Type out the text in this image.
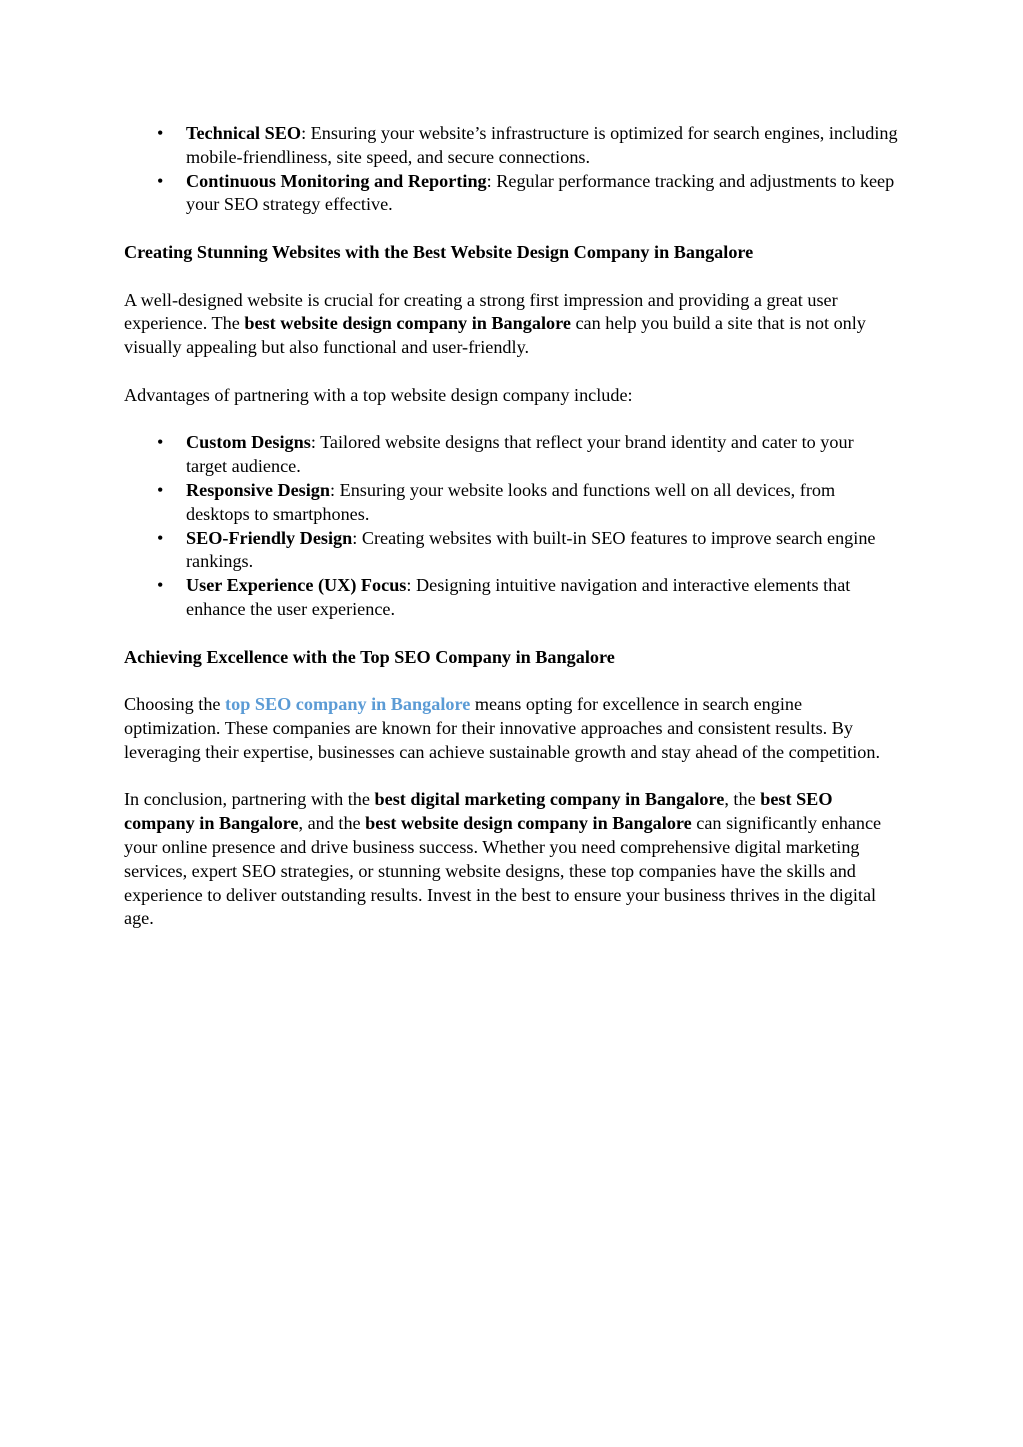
• Technical SEO: Ensuring your website’s infrastructure is optimized for search engines, including mobile-friendliness, site speed, and secure connections.
• Continuous Monitoring and Reporting: Regular performance tracking and adjustments to keep your SEO strategy effective.

Creating Stunning Websites with the Best Website Design Company in Bangalore

A well-designed website is crucial for creating a strong first impression and providing a great user experience. The best website design company in Bangalore can help you build a site that is not only visually appealing but also functional and user-friendly.

Advantages of partnering with a top website design company include:

• Custom Designs: Tailored website designs that reflect your brand identity and cater to your target audience.
• Responsive Design: Ensuring your website looks and functions well on all devices, from desktops to smartphones.
• SEO-Friendly Design: Creating websites with built-in SEO features to improve search engine rankings.
• User Experience (UX) Focus: Designing intuitive navigation and interactive elements that enhance the user experience.

Achieving Excellence with the Top SEO Company in Bangalore

Choosing the top SEO company in Bangalore means opting for excellence in search engine optimization. These companies are known for their innovative approaches and consistent results. By leveraging their expertise, businesses can achieve sustainable growth and stay ahead of the competition.

In conclusion, partnering with the best digital marketing company in Bangalore, the best SEO company in Bangalore, and the best website design company in Bangalore can significantly enhance your online presence and drive business success. Whether you need comprehensive digital marketing services, expert SEO strategies, or stunning website designs, these top companies have the skills and experience to deliver outstanding results. Invest in the best to ensure your business thrives in the digital age.
